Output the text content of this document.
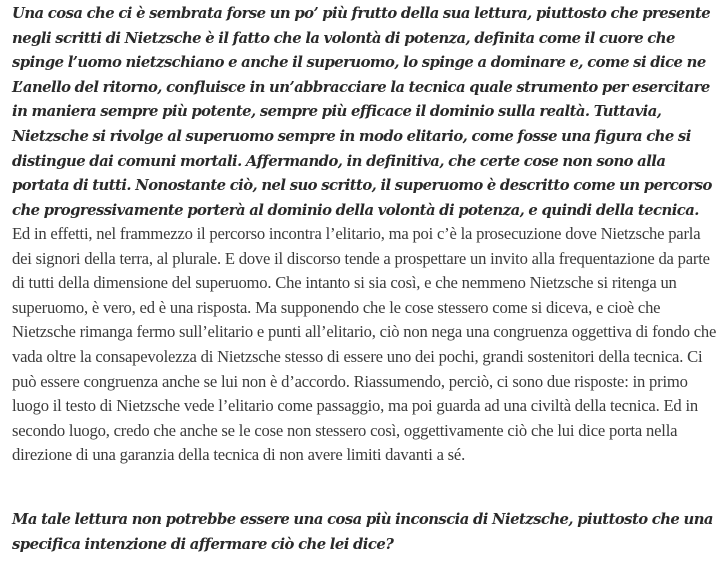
Una cosa che ci è sembrata forse un po’ più frutto della sua lettura, piuttosto che presente negli scritti di Nietzsche è il fatto che la volontà di potenza, definita come il cuore che spinge l’uomo nietzschiano e anche il superuomo, lo spinge a dominare e, come si dice ne L’anello del ritorno, confluisce in un’abbracciare la tecnica quale strumento per esercitare in maniera sempre più potente, sempre più efficace il dominio sulla realtà. Tuttavia, Nietzsche si rivolge al superuomo sempre in modo elitario, come fosse una figura che si distingue dai comuni mortali. Affermando, in definitiva, che certe cose non sono alla portata di tutti. Nonostante ciò, nel suo scritto, il superuomo è descritto come un percorso che progressivamente porterà al dominio della volontà di potenza, e quindi della tecnica.

Ed in effetti, nel frammezzo il percorso incontra l’elitario, ma poi c’è la prosecuzione dove Nietzsche parla dei signori della terra, al plurale. E dove il discorso tende a prospettare un invito alla frequentazione da parte di tutti della dimensione del superuomo. Che intanto si sia così, e che nemmeno Nietzsche si ritenga un superuomo, è vero, ed è una risposta. Ma supponendo che le cose stessero come si diceva, e cioè che Nietzsche rimanga fermo sull’elitario e punti all’elitario, ciò non nega una congruenza oggettiva di fondo che vada oltre la consapevolezza di Nietzsche stesso di essere uno dei pochi, grandi sostenitori della tecnica. Ci può essere congruenza anche se lui non è d’accordo. Riassumendo, perciò, ci sono due risposte: in primo luogo il testo di Nietzsche vede l’elitario come passaggio, ma poi guarda ad una civiltà della tecnica. Ed in secondo luogo, credo che anche se le cose non stessero così, oggettivamente ciò che lui dice porta nella direzione di una garanzia della tecnica di non avere limiti davanti a sé.

Ma tale lettura non potrebbe essere una cosa più inconscia di Nietzsche, piuttosto che una specifica intenzione di affermare ciò che lei dice?
